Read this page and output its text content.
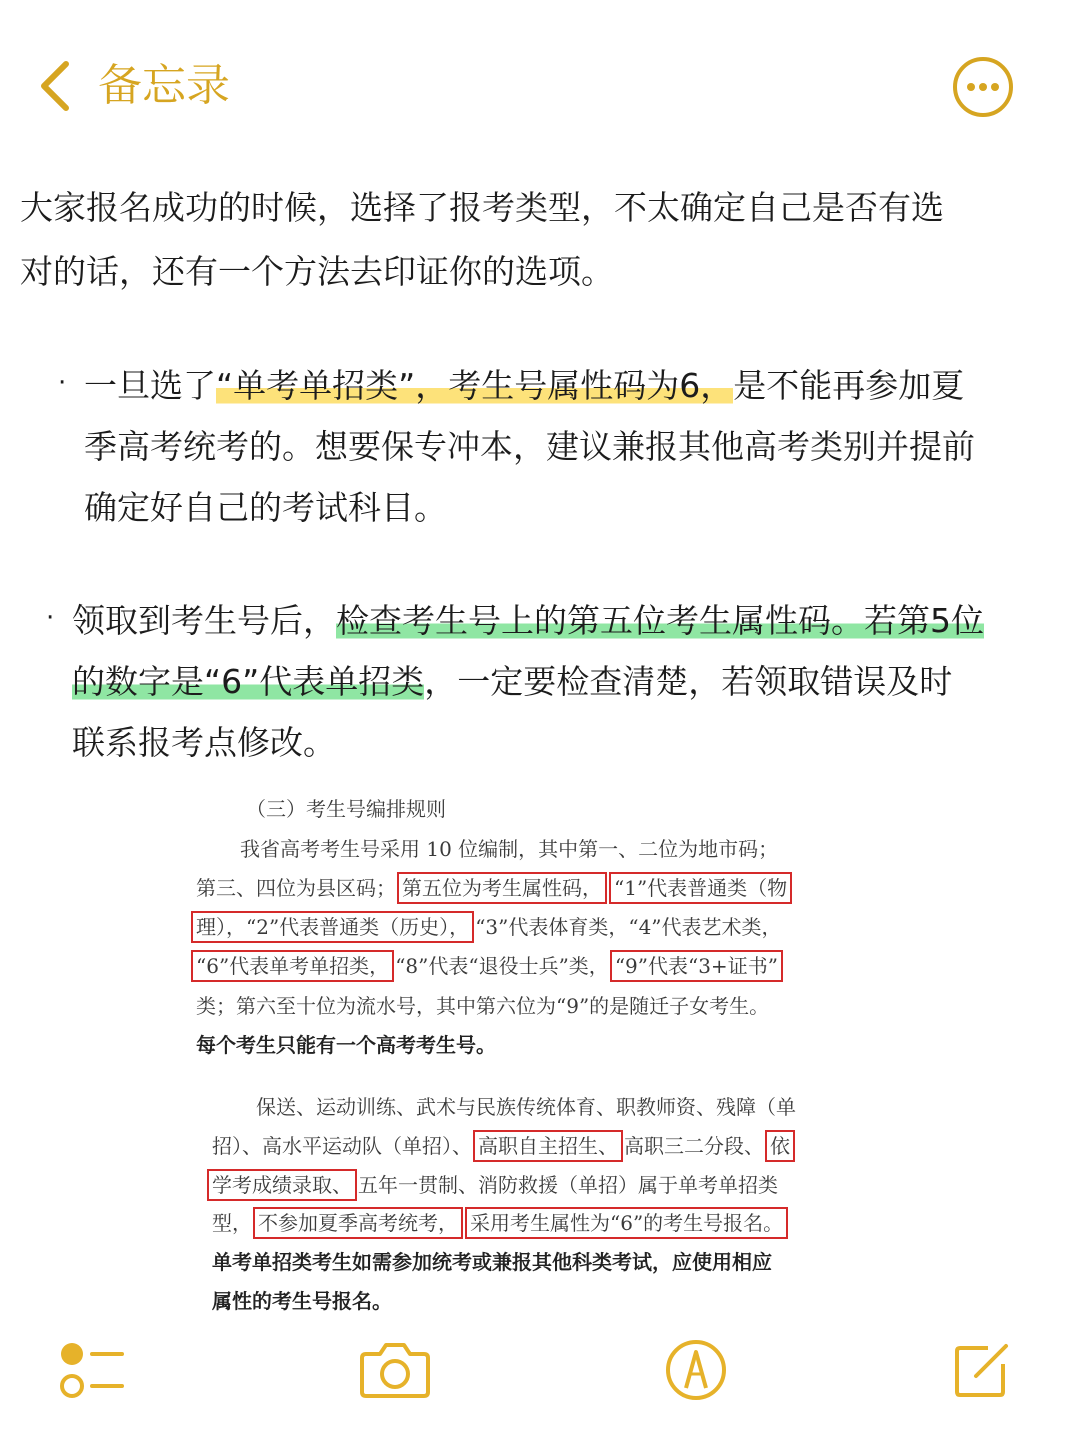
备忘录
大家报名成功的时候，选择了报考类型，不太确定自己是否有选
对的话，还有一个方法去印证你的选项。
· 一旦选了“单考单招类”，考生号属性码为6，是不能再参加夏
季高考统考的。想要保专冲本，建议兼报其他高考类别并提前
确定好自己的考试科目。
· 领取到考生号后，检查考生号上的第五位考生属性码。若第5位
的数字是“6”代表单招类，一定要检查清楚，若领取错误及时
联系报考点修改。
（三）考生号编排规则
我省高考考生号采用 10 位编制，其中第一、二位为地市码；
第三、四位为县区码； 第五位为考生属性码， “1”代表普通类（物
理），“2”代表普通类（历史）， “3”代表体育类，“4”代表艺术类，
“6”代表单考单招类， “8”代表“退役士兵”类， “9”代表“3+证书”
类；第六至十位为流水号，其中第六位为“9”的是随迁子女考生。
每个考生只能有一个高考考生号。
保送、运动训练、武术与民族传统体育、职教师资、残障（单
招）、高水平运动队（单招）、 高职自主招生、 高职三二分段、 依
学考成绩录取、 五年一贯制、消防救援（单招）属于单考单招类
型， 不参加夏季高考统考， 采用考生属性为“6”的考生号报名。
单考单招类考生如需参加统考或兼报其他科类考试，应使用相应
属性的考生号报名。
